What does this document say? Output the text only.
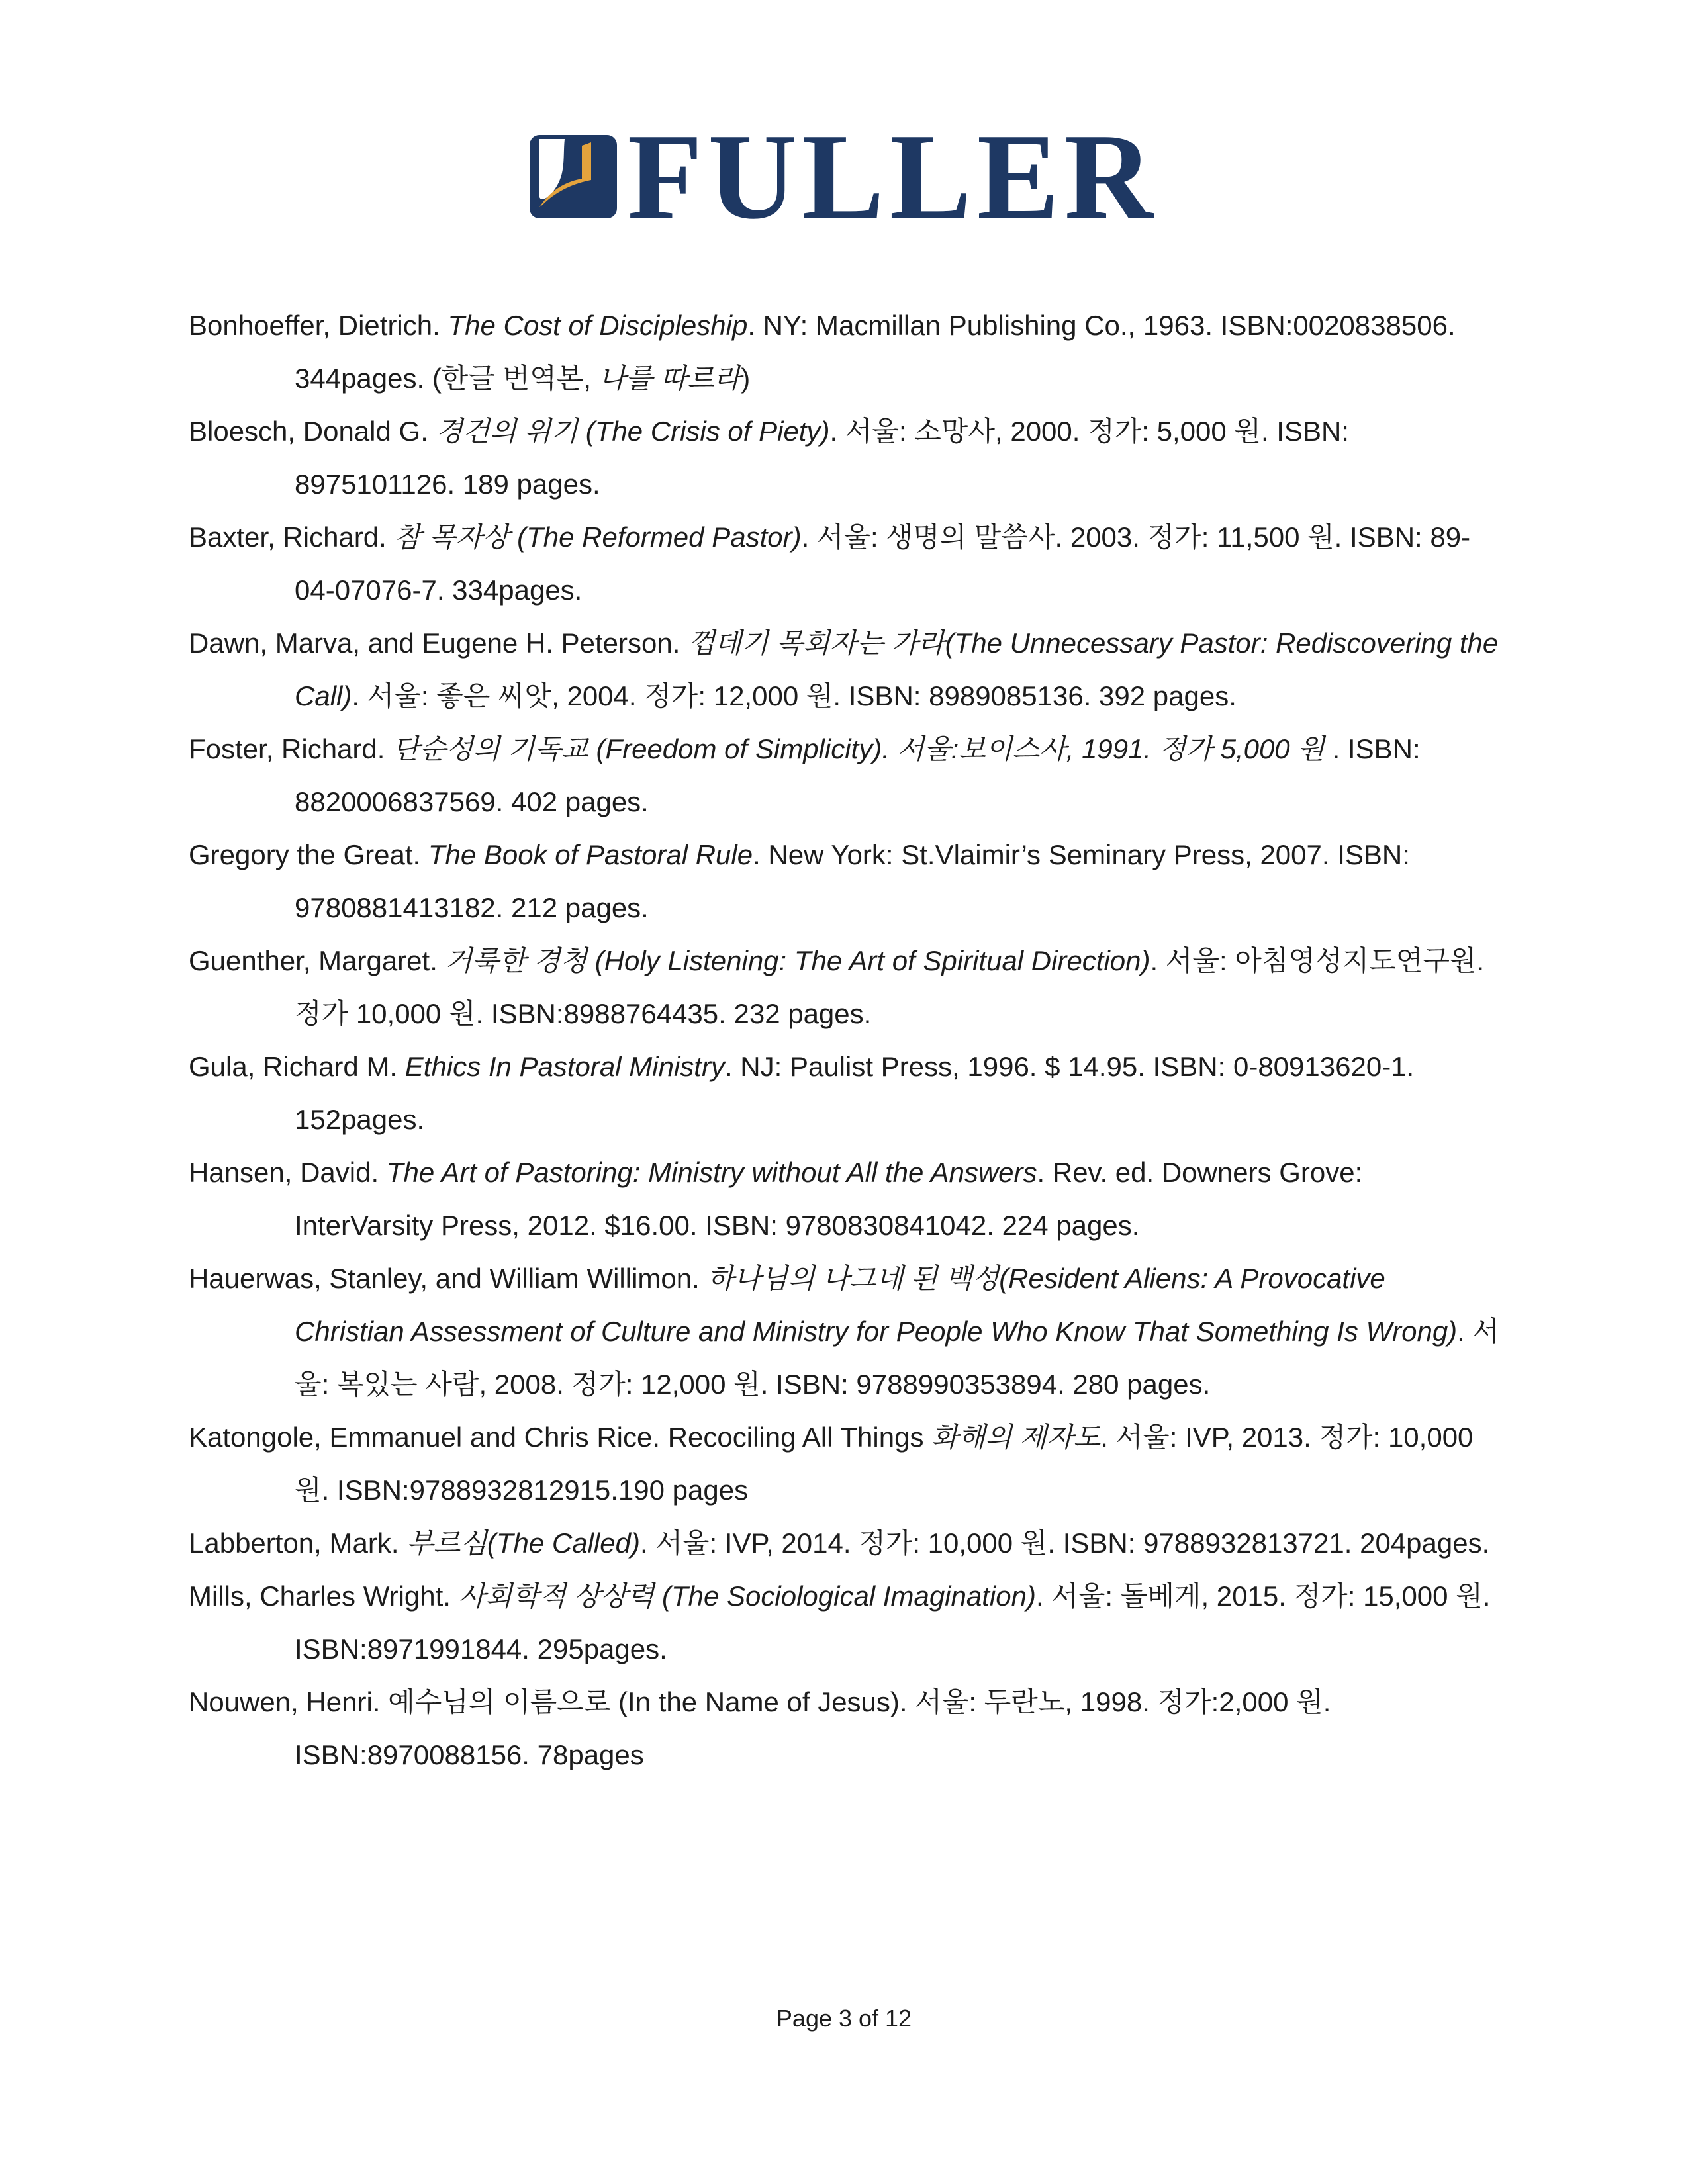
FULLER

Bonhoeffer, Dietrich. The Cost of Discipleship. NY: Macmillan Publishing Co., 1963. ISBN:0020838506. 344pages. (한글 번역본, 나를 따르라)

Bloesch, Donald G. 경건의 위기 (The Crisis of Piety). 서울: 소망사, 2000. 정가: 5,000 원. ISBN: 8975101126. 189 pages.

Baxter, Richard. 참 목자상 (The Reformed Pastor). 서울: 생명의 말씀사. 2003. 정가: 11,500 원. ISBN: 89-04-07076-7. 334pages.

Dawn, Marva, and Eugene H. Peterson. 껍데기 목회자는 가라(The Unnecessary Pastor: Rediscovering the Call). 서울: 좋은 씨앗, 2004. 정가: 12,000 원. ISBN: 8989085136. 392 pages.

Foster, Richard. 단순성의 기독교 (Freedom of Simplicity). 서울:보이스사, 1991. 정가 5,000 원 . ISBN: 8820006837569. 402 pages.

Gregory the Great. The Book of Pastoral Rule. New York: St.Vlaimir’s Seminary Press, 2007. ISBN: 9780881413182. 212 pages.

Guenther, Margaret. 거룩한 경청 (Holy Listening: The Art of Spiritual Direction). 서울: 아침영성지도연구원. 정가 10,000 원. ISBN:8988764435. 232 pages.

Gula, Richard M. Ethics In Pastoral Ministry. NJ: Paulist Press, 1996. $ 14.95. ISBN: 0-80913620-1. 152pages.

Hansen, David. The Art of Pastoring: Ministry without All the Answers. Rev. ed. Downers Grove: InterVarsity Press, 2012. $16.00. ISBN: 9780830841042. 224 pages.

Hauerwas, Stanley, and William Willimon. 하나님의 나그네 된 백성(Resident Aliens: A Provocative Christian Assessment of Culture and Ministry for People Who Know That Something Is Wrong). 서울: 복있는 사람, 2008. 정가: 12,000 원. ISBN: 9788990353894. 280 pages.

Katongole, Emmanuel and Chris Rice. Recociling All Things 화해의 제자도. 서울: IVP, 2013. 정가: 10,000 원. ISBN:9788932812915.190 pages

Labberton, Mark. 부르심(The Called). 서울: IVP, 2014. 정가: 10,000 원. ISBN: 9788932813721. 204pages.

Mills, Charles Wright. 사회학적 상상력 (The Sociological Imagination). 서울: 돌베게, 2015. 정가: 15,000 원. ISBN:8971991844. 295pages.

Nouwen, Henri. 예수님의 이름으로 (In the Name of Jesus). 서울: 두란노, 1998. 정가:2,000 원. ISBN:8970088156. 78pages

Page 3 of 12
